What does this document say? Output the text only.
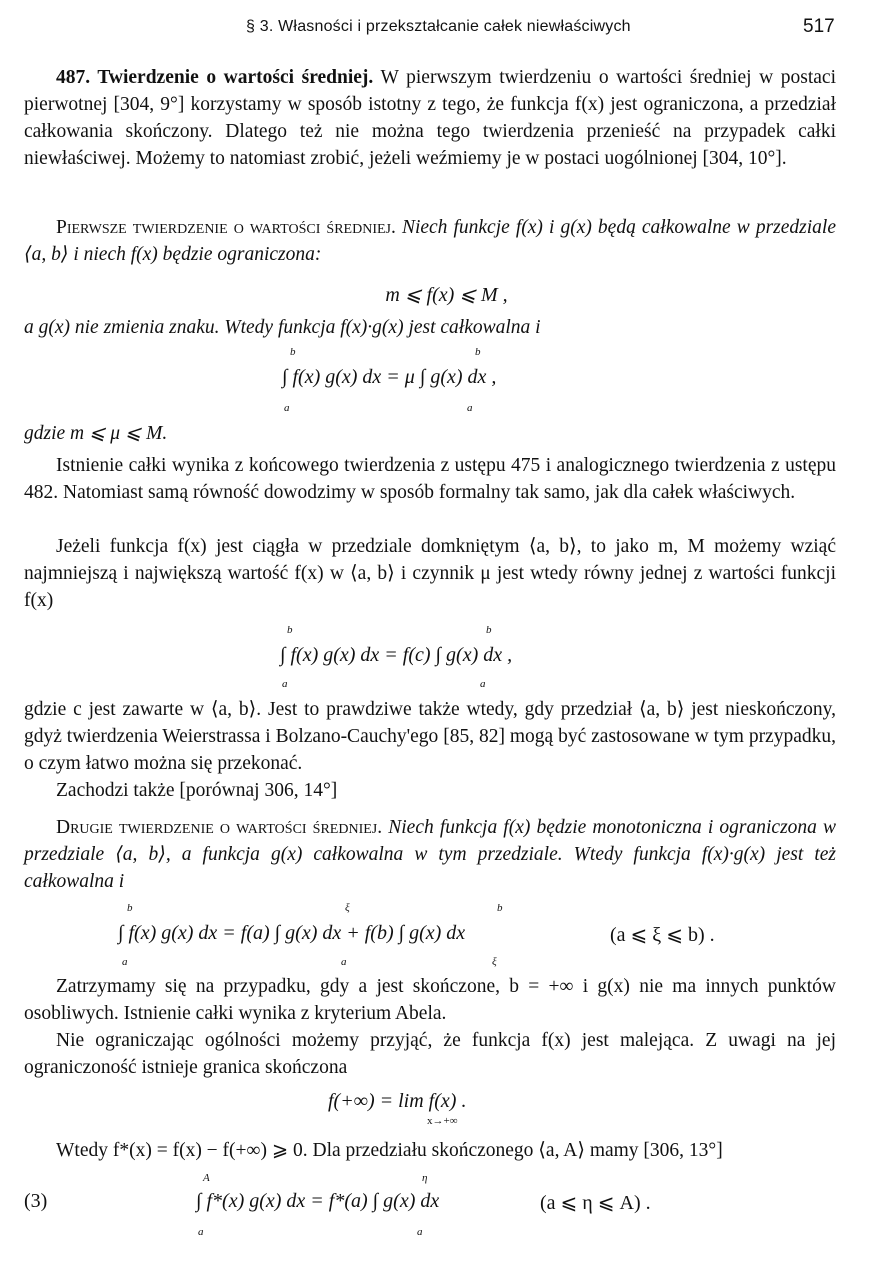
§ 3. Własności i przekształcanie całek niewłaściwych	517

487. Twierdzenie o wartości średniej. W pierwszym twierdzeniu o wartości średniej w postaci pierwotnej [304, 9°] korzystamy w sposób istotny z tego, że funkcja f(x) jest ograniczona, a przedział całkowania skończony. Dlatego też nie można tego twierdzenia przenieść na przypadek całki niewłaściwej. Możemy to natomiast zrobić, jeżeli weźmiemy je w postaci uogólnionej [304, 10°].

Pierwsze twierdzenie o wartości średniej. Niech funkcje f(x) i g(x) będą całkowalne w przedziale ⟨a, b⟩ i niech f(x) będzie ograniczona:

m ⩽ f(x) ⩽ M ,

a g(x) nie zmienia znaku. Wtedy funkcja f(x)·g(x) jest całkowalna i

b	b
∫ f(x) g(x) dx = μ ∫ g(x) dx ,
a	a

gdzie m ⩽ μ ⩽ M.

Istnienie całki wynika z końcowego twierdzenia z ustępu 475 i analogicznego twierdzenia z ustępu 482. Natomiast samą równość dowodzimy w sposób formalny tak samo, jak dla całek właściwych.

Jeżeli funkcja f(x) jest ciągła w przedziale domkniętym ⟨a, b⟩, to jako m, M możemy wziąć najmniejszą i największą wartość f(x) w ⟨a, b⟩ i czynnik μ jest wtedy równy jednej z wartości funkcji f(x)

b	b
∫ f(x) g(x) dx = f(c) ∫ g(x) dx ,
a	a

gdzie c jest zawarte w ⟨a, b⟩. Jest to prawdziwe także wtedy, gdy przedział ⟨a, b⟩ jest nieskończony, gdyż twierdzenia Weierstrassa i Bolzano-Cauchy'ego [85, 82] mogą być zastosowane w tym przypadku, o czym łatwo można się przekonać.

Zachodzi także [porównaj 306, 14°]

Drugie twierdzenie o wartości średniej. Niech funkcja f(x) będzie monotoniczna i ograniczona w przedziale ⟨a, b⟩, a funkcja g(x) całkowalna w tym przedziale. Wtedy funkcja f(x)·g(x) jest też całkowalna i

b	ξ	b
∫ f(x) g(x) dx = f(a) ∫ g(x) dx + f(b) ∫ g(x) dx	(a ⩽ ξ ⩽ b) .
a	a	ξ

Zatrzymamy się na przypadku, gdy a jest skończone, b = +∞ i g(x) nie ma innych punktów osobliwych. Istnienie całki wynika z kryterium Abela.

Nie ograniczając ogólności możemy przyjąć, że funkcja f(x) jest malejąca. Z uwagi na jej ograniczoność istnieje granica skończona

f(+∞) = lim f(x) .
x→+∞

Wtedy f*(x) = f(x) − f(+∞) ⩾ 0. Dla przedziału skończonego ⟨a, A⟩ mamy [306, 13°]

(3)
A	η
∫ f*(x) g(x) dx = f*(a) ∫ g(x) dx	(a ⩽ η ⩽ A) .
a	a
